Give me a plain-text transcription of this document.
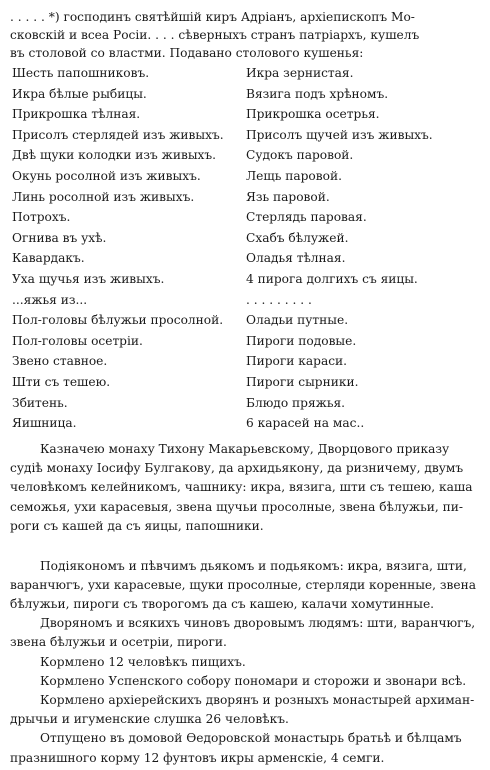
. . . . . *) господинъ святѣйшій киръ Адріанъ, архіепископъ Мо-
сковскій и всеа Росіи. . . . сѣверныхъ странъ патріархъ, кушелъ
въ столовой со властми. Подавано столового кушенья:
Шесть папошниковъ.	Икра зернистая.
Икра бѣлые рыбицы.	Вязига подъ хрѣномъ.
Прикрошка тѣлная.	Прикрошка осетрья.
Присолъ стерлядей изъ живыхъ.	Присолъ щучей изъ живыхъ.
Двѣ щуки колодки изъ живыхъ.	Судокъ паровой.
Окунь росолной изъ живыхъ.	Лещь паровой.
Линь росолной изъ живыхъ.	Язь паровой.
Потрохъ.	Стерлядь паровая.
Огнива въ ухѣ.	Схабъ бѣлужей.
Кавардакъ.	Оладья тѣлная.
Уха щучья изъ живыхъ.	4 пирога долгихъ съ яицы.
...яжья из...	. . . . . . . . .
Пол-головы бѣлужьи просолной.	Оладьи путные.
Пол-головы осетріи.	Пироги подовые.
Звено ставное.	Пироги караси.
Шти съ тешею.	Пироги сырники.
Збитень.	Блюдо пряжья.
Яишница.	6 карасей на мас..
Казначею монаху Тихону Макарьевскому, Дворцового приказу
судіѣ монаху Іосифу Булгакову, да архидьякону, да ризничему, двумъ
человѣкомъ келейникомъ, чашнику: икра, вязига, шти съ тешею, каша
семожья, ухи карасевыя, звена щучьи просолные, звена бѣлужьи, пи-
роги съ кашей да съ яицы, папошники.
Подіякономъ и пѣвчимъ дьякомъ и подьякомъ: икра, вязига, шти,
варанчюгъ, ухи карасевые, щуки просолные, стерляди коренные, звена
бѣлужьи, пироги съ творогомъ да съ кашею, калачи хомутинные.
Дворяномъ и всякихъ чиновъ дворовымъ людямъ: шти, варанчюгъ,
звена бѣлужьи и осетріи, пироги.
Кормлено 12 человѣкъ пищихъ.
Кормлено Успенского собору пономари и сторожи и звонари всѣ.
Кормлено архіерейскихъ дворянъ и розныхъ монастырей архиман-
дрычьи и игуменские слушка 26 человѣкъ.
Отпущено въ домовой Ѳедоровской монастырь братьѣ и бѣлцамъ
празнишного корму 12 фунтовъ икры арменскіе, 4 семги.
